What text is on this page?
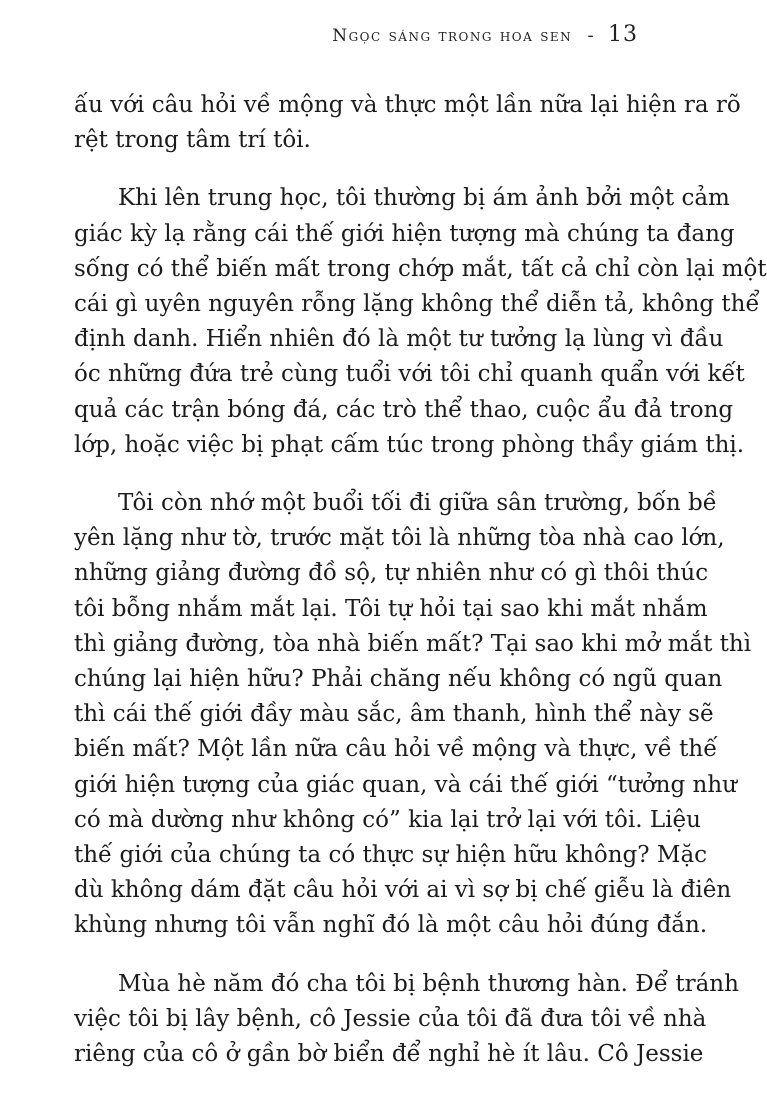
Ngọc sáng trong hoa sen - 13

ấu với câu hỏi về mộng và thực một lần nữa lại hiện ra rõ
rệt trong tâm trí tôi.

Khi lên trung học, tôi thường bị ám ảnh bởi một cảm
giác kỳ lạ rằng cái thế giới hiện tượng mà chúng ta đang
sống có thể biến mất trong chớp mắt, tất cả chỉ còn lại một
cái gì uyên nguyên rỗng lặng không thể diễn tả, không thể
định danh. Hiển nhiên đó là một tư tưởng lạ lùng vì đầu
óc những đứa trẻ cùng tuổi với tôi chỉ quanh quẩn với kết
quả các trận bóng đá, các trò thể thao, cuộc ẩu đả trong
lớp, hoặc việc bị phạt cấm túc trong phòng thầy giám thị.

Tôi còn nhớ một buổi tối đi giữa sân trường, bốn bề
yên lặng như tờ, trước mặt tôi là những tòa nhà cao lớn,
những giảng đường đồ sộ, tự nhiên như có gì thôi thúc
tôi bỗng nhắm mắt lại. Tôi tự hỏi tại sao khi mắt nhắm
thì giảng đường, tòa nhà biến mất? Tại sao khi mở mắt thì
chúng lại hiện hữu? Phải chăng nếu không có ngũ quan
thì cái thế giới đầy màu sắc, âm thanh, hình thể này sẽ
biến mất? Một lần nữa câu hỏi về mộng và thực, về thế
giới hiện tượng của giác quan, và cái thế giới “tưởng như
có mà dường như không có” kia lại trở lại với tôi. Liệu
thế giới của chúng ta có thực sự hiện hữu không? Mặc
dù không dám đặt câu hỏi với ai vì sợ bị chế giễu là điên
khùng nhưng tôi vẫn nghĩ đó là một câu hỏi đúng đắn.

Mùa hè năm đó cha tôi bị bệnh thương hàn. Để tránh
việc tôi bị lây bệnh, cô Jessie của tôi đã đưa tôi về nhà
riêng của cô ở gần bờ biển để nghỉ hè ít lâu. Cô Jessie
